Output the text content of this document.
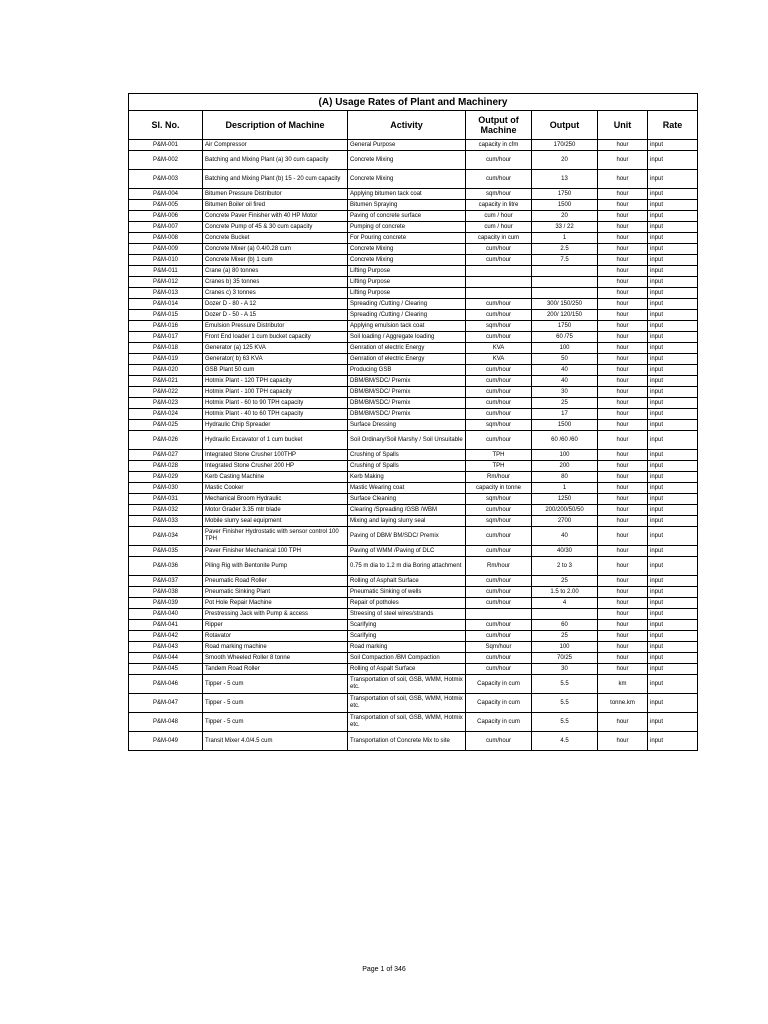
(A) Usage Rates of Plant and Machinery						
Sl. No.	Description of Machine	Activity	Output of Machine	Output	Unit	Rate
P&M-001	Air Compressor	General Purpose	capacity in cfm	170/250	hour	input
P&M-002	Batching and Mixing Plant (a) 30 cum capacity	Concrete Mixing	cum/hour	20	hour	input
P&M-003	Batching and Mixing Plant (b) 15 - 20 cum capacity	Concrete Mixing	cum/hour	13	hour	input
P&M-004	Bitumen Pressure Distributor	Applying bitumen tack coat	sqm/hour	1750	hour	input
P&M-005	Bitumen Boiler oil fired	Bitumen Spraying	capacity in litre	1500	hour	input
P&M-006	Concrete Paver Finisher with 40 HP Motor	Paving of concrete surface	cum / hour	20	hour	input
P&M-007	Concrete Pump of 45 & 30 cum capacity	Pumping of concrete	cum / hour	33 / 22	hour	input
P&M-008	Concrete Bucket	For Pouring concrete	capacity in cum	1	hour	input
P&M-009	Concrete Mixer (a) 0.4/0.28 cum	Concrete Mixing	cum/hour	2.5	hour	input
P&M-010	Concrete Mixer (b) 1 cum	Concrete Mixing	cum/hour	7.5	hour	input
P&M-011	Crane (a) 80 tonnes	Lifting Purpose			hour	input
P&M-012	Cranes b) 35 tonnes	Lifting Purpose			hour	input
P&M-013	Cranes c) 3 tonnes	Lifting Purpose			hour	input
P&M-014	Dozer D - 80 - A 12	Spreading /Cutting / Clearing	cum/hour	300/ 150/250	hour	input
P&M-015	Dozer D - 50 - A 15	Spreading /Cutting / Clearing	cum/hour	200/ 120/150	hour	input
P&M-016	Emulsion Pressure Distributor	Applying emulsion tack coat	sqm/hour	1750	hour	input
P&M-017	Front End loader 1 cum bucket capacity	Soil loading / Aggregate loading	cum/hour	60 /75	hour	input
P&M-018	Generator (a) 125 KVA	Genration of electric Energy	KVA	100	hour	input
P&M-019	Generator( b) 63 KVA	Genration of electric Energy	KVA	50	hour	input
P&M-020	GSB Plant 50 cum	Producing GSB	cum/hour	40	hour	input
P&M-021	Hotmix Plant - 120 TPH capacity	DBM/BM/SDC/ Premix	cum/hour	40	hour	input
P&M-022	Hotmix Plant - 100 TPH capacity	DBM/BM/SDC/ Premix	cum/hour	30	hour	input
P&M-023	Hotmix Plant - 60 to 90 TPH capacity	DBM/BM/SDC/ Premix	cum/hour	25	hour	input
P&M-024	Hotmix Plant - 40 to 60 TPH capacity	DBM/BM/SDC/ Premix	cum/hour	17	hour	input
P&M-025	Hydraulic Chip Spreader	Surface Dressing	sqm/hour	1500	hour	input
P&M-026	Hydraulic Excavator of 1 cum bucket	Soil Ordinary/Soil Marshy / Soil Unsuitable	cum/hour	60 /60 /60	hour	input
P&M-027	Integrated Stone Crusher 100THP	Crushing of Spalls	TPH	100	hour	input
P&M-028	Integrated Stone Crusher 200 HP	Crushing of Spalls	TPH	200	hour	input
P&M-029	Kerb Casting Machine	Kerb Making	Rm/hour	80	hour	input
P&M-030	Mastic Cooker	Mastic Wearing coat	capacity in tonne	1	hour	input
P&M-031	Mechanical Broom Hydraulic	Surface Cleaning	sqm/hour	1250	hour	input
P&M-032	Motor Grader 3.35 mtr blade	Clearing /Spreading /GSB /WBM	cum/hour	200/200/50/50	hour	input
P&M-033	Mobile slurry seal equipment	Mixing and laying slurry seal	sqm/hour	2700	hour	input
P&M-034	Paver Finisher Hydrostatic with sensor control 100 TPH	Paving of DBM/ BM/SDC/ Premix	cum/hour	40	hour	input
P&M-035	Paver Finisher Mechanical 100 TPH	Paving of WMM /Paving of DLC	cum/hour	40/30	hour	input
P&M-036	Piling Rig with Bentonite Pump	0.75 m dia to 1.2 m dia Boring attachment	Rm/hour	2 to 3	hour	input
P&M-037	Pneumatic Road Roller	Rolling of Asphalt Surface	cum/hour	25	hour	input
P&M-038	Pneumatic Sinking Plant	Pneumatic Sinking of wells	cum/hour	1.5 to 2.00	hour	input
P&M-039	Pot Hole Repair Machine	Repair of potholes	cum/hour	4	hour	input
P&M-040	Prestressing Jack with Pump & access	Streesing of steel wires/strands			hour	input
P&M-041	Ripper	Scarifying	cum/hour	60	hour	input
P&M-042	Rotavator	Scarifying	cum/hour	25	hour	input
P&M-043	Road marking machine	Road marking	Sqm/hour	100	hour	input
P&M-044	Smooth Wheeled Roller 8 tonne	Soil Compaction /BM Compaction	cum/hour	70/25	hour	input
P&M-045	Tandem Road Roller	Rolling of Aspalt Surface	cum/hour	30	hour	input
P&M-046	Tipper - 5 cum	Transportation of soil, GSB, WMM, Hotmix etc.	Capacity in cum	5.5	km	input
P&M-047	Tipper - 5 cum	Transportation of soil, GSB, WMM, Hotmix etc.	Capacity in cum	5.5	tonne.km	input
P&M-048	Tipper - 5 cum	Transportation of soil, GSB, WMM, Hotmix etc.	Capacity in cum	5.5	hour	input
P&M-049	Transit Mixer 4.0/4.5 cum	Transportation of Concrete Mix to site	cum/hour	4.5	hour	input
Page 1 of 346
